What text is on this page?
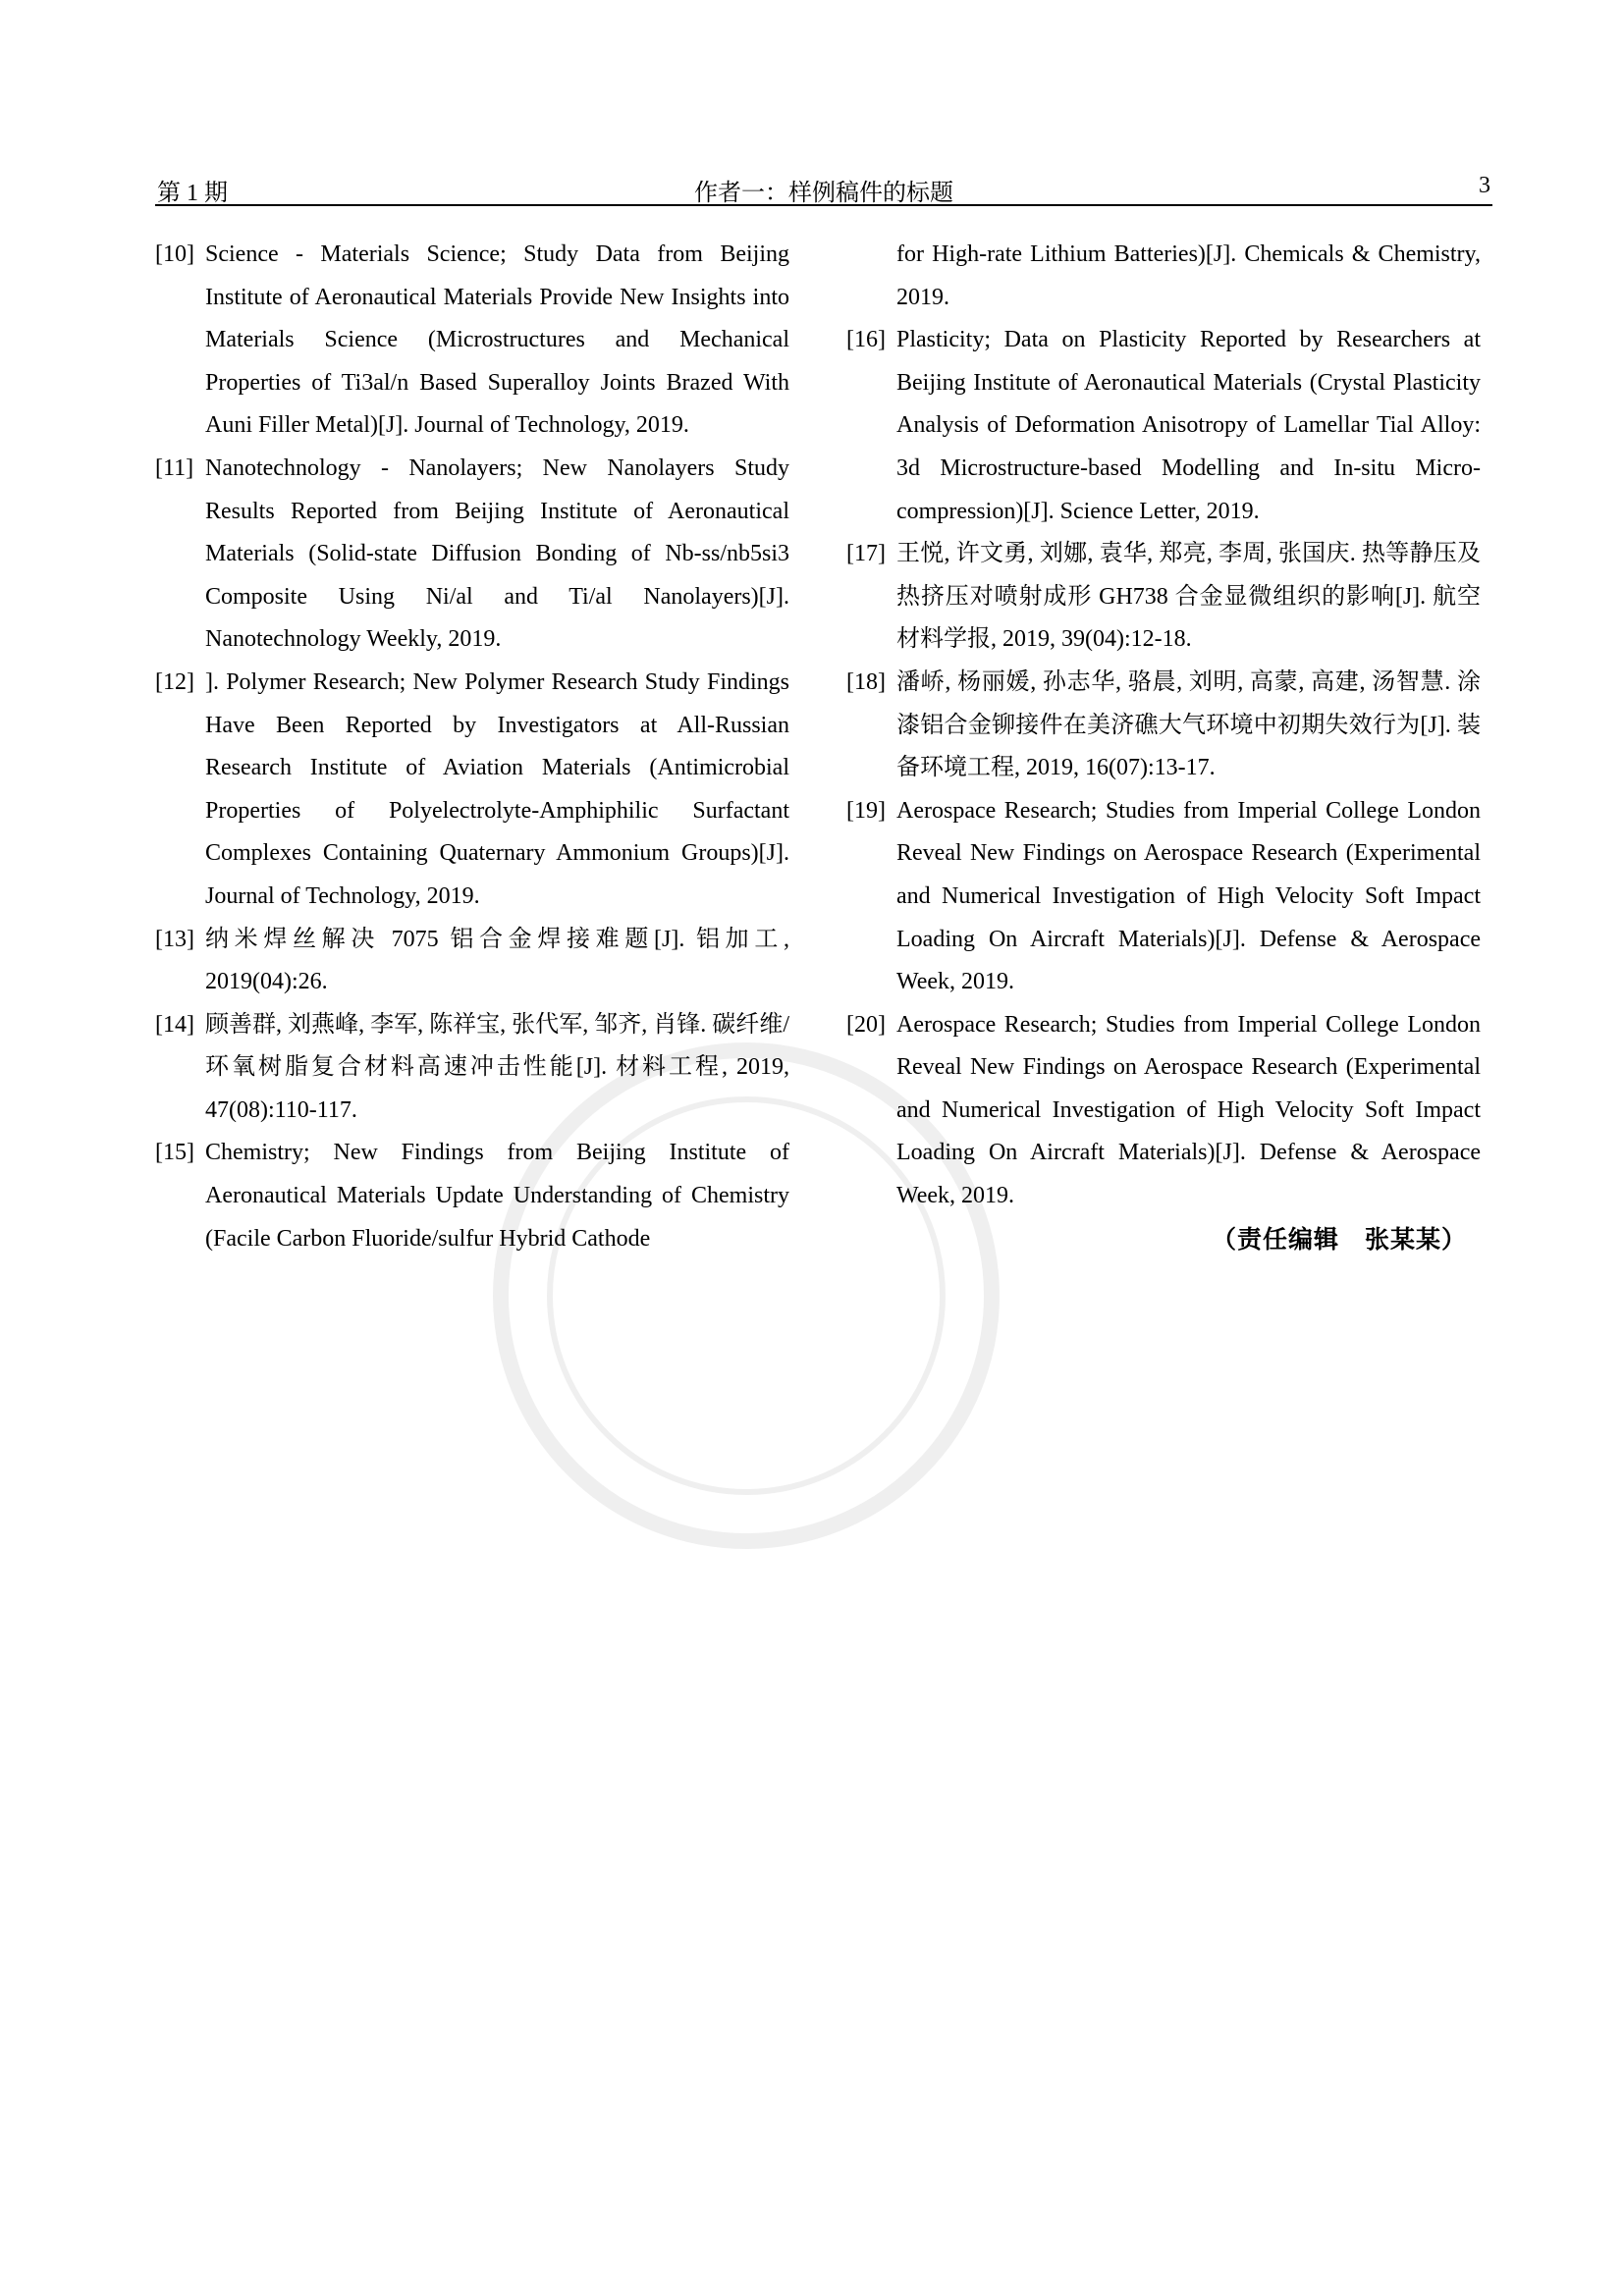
第 1 期	作者一：样例稿件的标题	3
[10] Science - Materials Science; Study Data from Beijing Institute of Aeronautical Materials Provide New Insights into Materials Science (Microstructures and Mechanical Properties of Ti3al/n Based Superalloy Joints Brazed With Auni Filler Metal)[J]. Journal of Technology, 2019.
[11] Nanotechnology - Nanolayers; New Nanolayers Study Results Reported from Beijing Institute of Aeronautical Materials (Solid-state Diffusion Bonding of Nb-ss/nb5si3 Composite Using Ni/al and Ti/al Nanolayers)[J]. Nanotechnology Weekly, 2019.
[12] ]. Polymer Research; New Polymer Research Study Findings Have Been Reported by Investigators at All-Russian Research Institute of Aviation Materials (Antimicrobial Properties of Polyelectrolyte-Amphiphilic Surfactant Complexes Containing Quaternary Ammonium Groups)[J]. Journal of Technology, 2019.
[13] 纳米焊丝解决 7075 铝合金焊接难题[J]. 铝加工, 2019(04):26.
[14] 顾善群, 刘燕峰, 李军, 陈祥宝, 张代军, 邹齐, 肖锋. 碳纤维/环氧树脂复合材料高速冲击性能[J]. 材料工程, 2019, 47(08):110-117.
[15] Chemistry; New Findings from Beijing Institute of Aeronautical Materials Update Understanding of Chemistry (Facile Carbon Fluoride/sulfur Hybrid Cathode
for High-rate Lithium Batteries)[J]. Chemicals & Chemistry, 2019.
[16] Plasticity; Data on Plasticity Reported by Researchers at Beijing Institute of Aeronautical Materials (Crystal Plasticity Analysis of Deformation Anisotropy of Lamellar Tial Alloy: 3d Microstructure-based Modelling and In-situ Micro-compression)[J]. Science Letter, 2019.
[17] 王悦, 许文勇, 刘娜, 袁华, 郑亮, 李周, 张国庆. 热等静压及热挤压对喷射成形 GH738 合金显微组织的影响[J]. 航空材料学报, 2019, 39(04):12-18.
[18] 潘峤, 杨丽媛, 孙志华, 骆晨, 刘明, 高蒙, 高建, 汤智慧. 涂漆铝合金铆接件在美济礁大气环境中初期失效行为[J]. 装备环境工程, 2019, 16(07):13-17.
[19] Aerospace Research; Studies from Imperial College London Reveal New Findings on Aerospace Research (Experimental and Numerical Investigation of High Velocity Soft Impact Loading On Aircraft Materials)[J]. Defense & Aerospace Week, 2019.
[20] Aerospace Research; Studies from Imperial College London Reveal New Findings on Aerospace Research (Experimental and Numerical Investigation of High Velocity Soft Impact Loading On Aircraft Materials)[J]. Defense & Aerospace Week, 2019.
（责任编辑 张某某）
